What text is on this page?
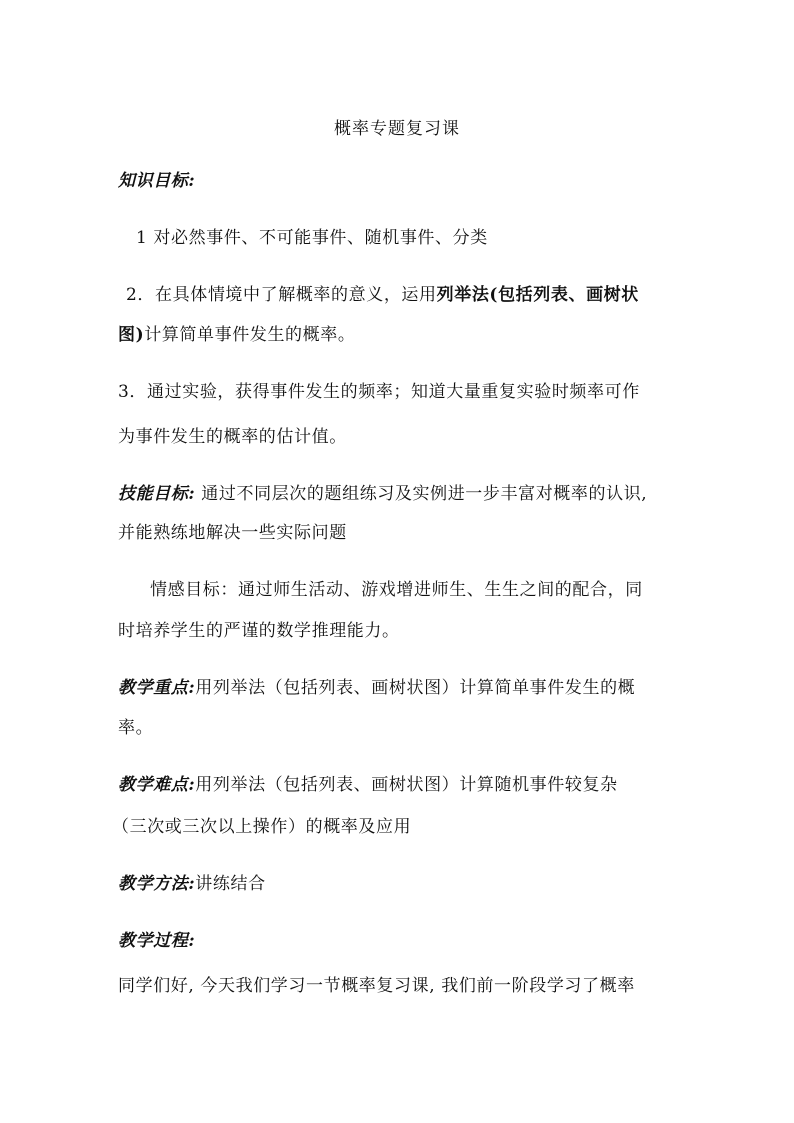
概率专题复习课
知识目标:
1 对必然事件、不可能事件、随机事件、分类
2．在具体情境中了解概率的意义，运用列举法(包括列表、画树状
图)计算简单事件发生的概率。
3．通过实验，获得事件发生的频率；知道大量重复实验时频率可作
为事件发生的概率的估计值。
技能目标: 通过不同层次的题组练习及实例进一步丰富对概率的认识,
并能熟练地解决一些实际问题
情感目标：通过师生活动、游戏增进师生、生生之间的配合，同
时培养学生的严谨的数学推理能力。
教学重点:用列举法（包括列表、画树状图）计算简单事件发生的概
率。
教学难点:用列举法（包括列表、画树状图）计算随机事件较复杂
（三次或三次以上操作）的概率及应用
教学方法:讲练结合
教学过程:
同学们好, 今天我们学习一节概率复习课, 我们前一阶段学习了概率
